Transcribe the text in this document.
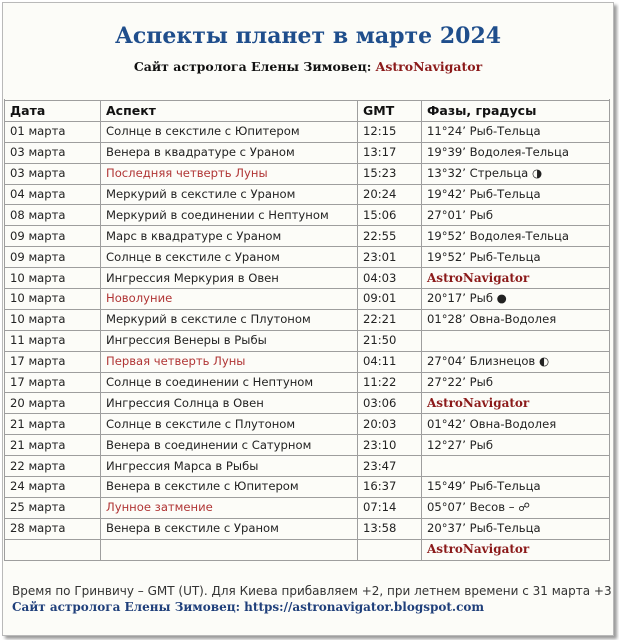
Аспекты планет в марте 2024
Сайт астролога Елены Зимовец: AstroNavigator

Дата	Аспект	GMT	Фазы, градусы
01 марта	Солнце в секстиле с Юпитером	12:15	11°24’ Рыб-Тельца
03 марта	Венера в квадратуре с Ураном	13:17	19°39’ Водолея-Тельца
03 марта	Последняя четверть Луны	15:23	13°32’ Стрельца ◑
04 марта	Меркурий в секстиле с Ураном	20:24	19°42’ Рыб-Тельца
08 марта	Меркурий в соединении с Нептуном	15:06	27°01’ Рыб
09 марта	Марс в квадратуре с Ураном	22:55	19°52’ Водолея-Тельца
09 марта	Солнце в секстиле с Ураном	23:01	19°52’ Рыб-Тельца
10 марта	Ингрессия Меркурия в Овен	04:03	AstroNavigator
10 марта	Новолуние	09:01	20°17’ Рыб ●
10 марта	Меркурий в секстиле с Плутоном	22:21	01°28’ Овна-Водолея
11 марта	Ингрессия Венеры в Рыбы	21:50	
17 марта	Первая четверть Луны	04:11	27°04’ Близнецов ◐
17 марта	Солнце в соединении с Нептуном	11:22	27°22’ Рыб
20 марта	Ингрессия Солнца в Овен	03:06	AstroNavigator
21 марта	Солнце в секстиле с Плутоном	20:03	01°42’ Овна-Водолея
21 марта	Венера в соединении с Сатурном	23:10	12°27’ Рыб
22 марта	Ингрессия Марса в Рыбы	23:47	
24 марта	Венера в секстиле с Юпитером	16:37	15°49’ Рыб-Тельца
25 марта	Лунное затмение	07:14	05°07’ Весов – ☍
28 марта	Венера в секстиле с Ураном	13:58	20°37’ Рыб-Тельца
			AstroNavigator
Время по Гринвичу – GMT (UT). Для Киева прибавляем +2, при летнем времени с 31 марта +3
Сайт астролога Елены Зимовец: https://astronavigator.blogspot.com
